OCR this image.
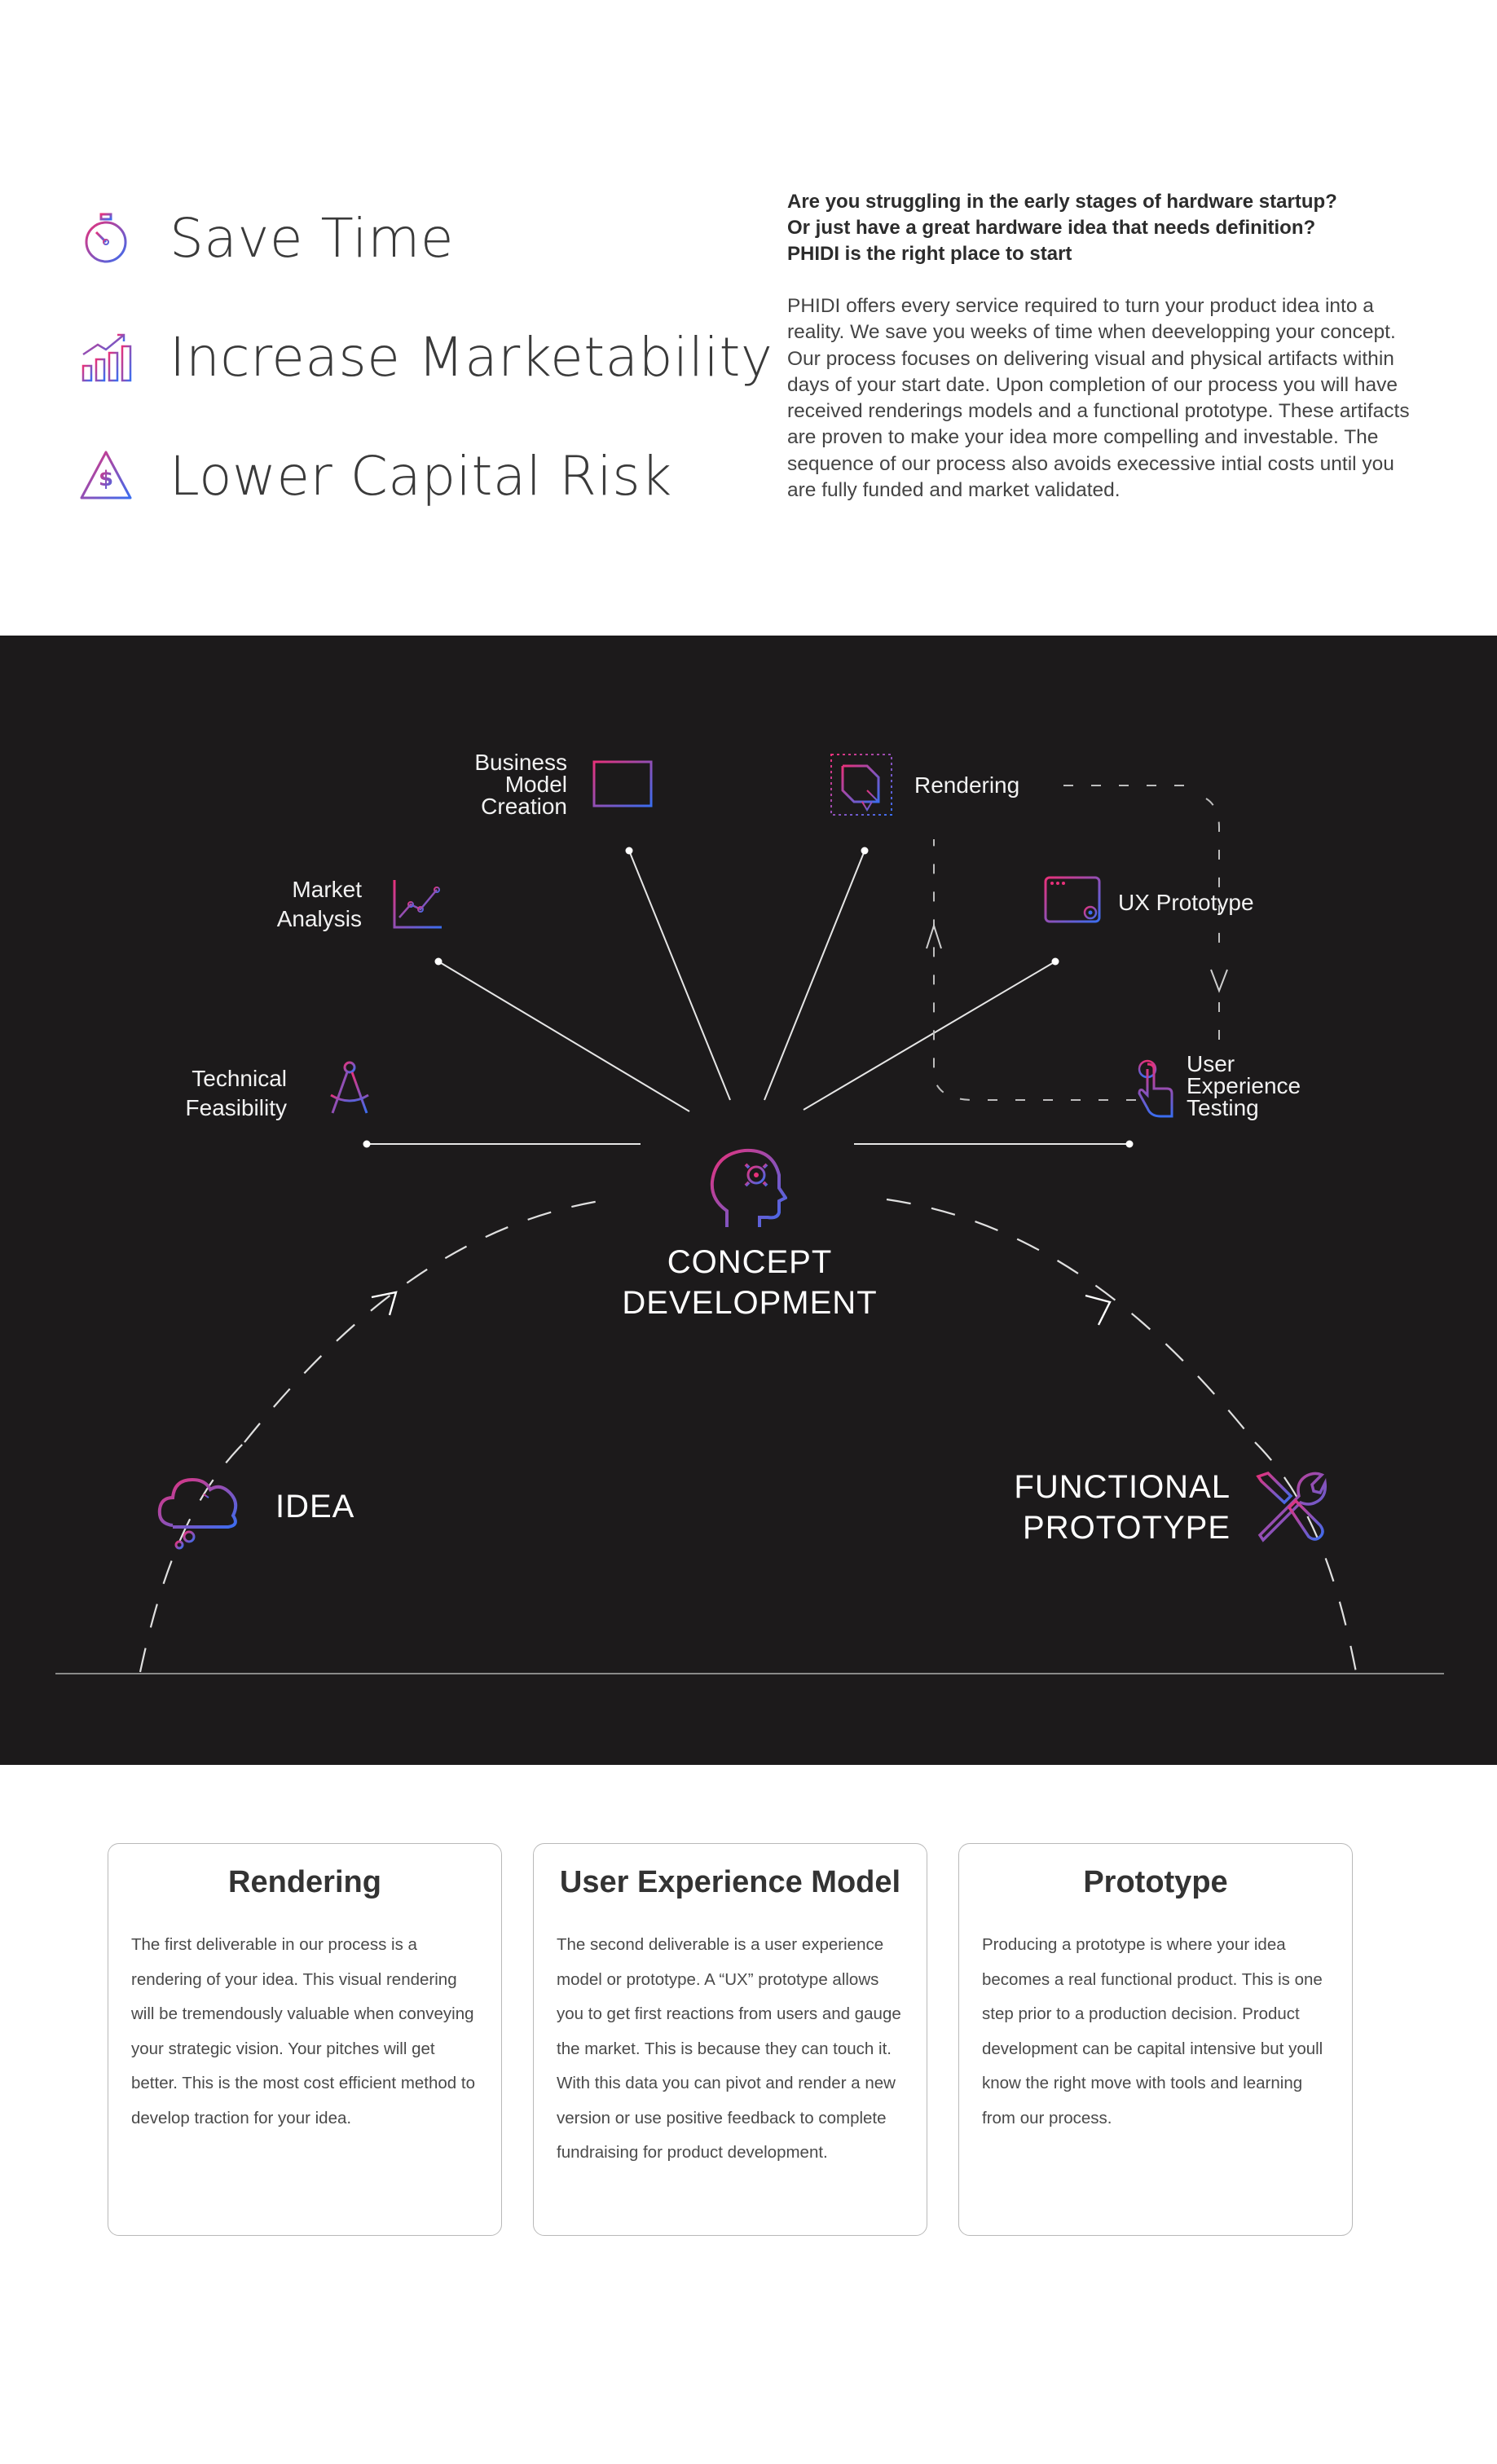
Save Time
Increase Marketability
$ Lower Capital Risk
Are you struggling in the early stages of hardware startup?
Or just have a great hardware idea that needs definition?
PHIDI is the right place to start
PHIDI offers every service required to turn your product idea into a reality. We save you weeks of time when deevelopping your concept. Our process focuses on delivering visual and physical artifacts within days of your start date. Upon completion of our process you will have received renderings models and a functional prototype. These artifacts are proven to make your idea more compelling and investable. The sequence of our process also avoids execessive intial costs until you are fully funded and market validated.
Technical
Feasibility
Market
Analysis
Business
Model
Creation
Rendering
UX Prototype
User
Experience
Testing
CONCEPT
DEVELOPMENT
IDEA
FUNCTIONAL
PROTOTYPE
Rendering

The first deliverable in our process is a rendering of your idea. This visual rendering will be tremendously valuable when conveying your strategic vision. Your pitches will get better. This is the most cost efficient method to develop traction for your idea.

User Experience Model

The second deliverable is a user experience model or prototype. A “UX” prototype allows you to get first reactions from users and gauge the market. This is because they can touch it. With this data you can pivot and render a new version or use positive feedback to complete fundraising for product development.

Prototype

Producing a prototype is where your idea becomes a real functional product. This is one step prior to a production decision. Product development can be capital intensive but youll know the right move with tools and learning from our process.
